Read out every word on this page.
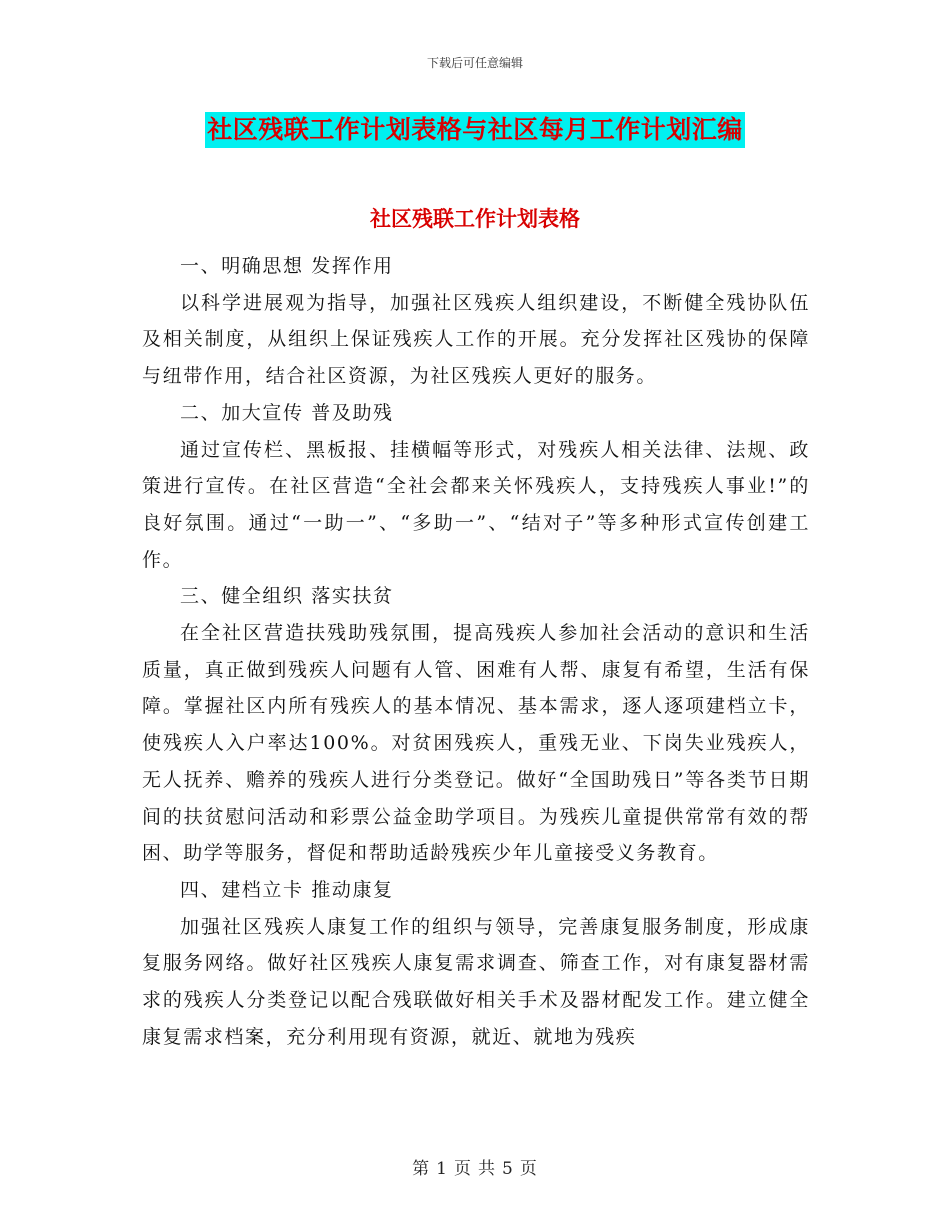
下载后可任意编辑
社区残联工作计划表格与社区每月工作计划汇编
社区残联工作计划表格

一、明确思想 发挥作用

以科学进展观为指导，加强社区残疾人组织建设，不断健全残协队伍及相关制度，从组织上保证残疾人工作的开展。充分发挥社区残协的保障与纽带作用，结合社区资源，为社区残疾人更好的服务。

二、加大宣传 普及助残

通过宣传栏、黑板报、挂横幅等形式，对残疾人相关法律、法规、政策进行宣传。在社区营造“全社会都来关怀残疾人，支持残疾人事业!”的良好氛围。通过“一助一”、“多助一”、“结对子”等多种形式宣传创建工作。

三、健全组织 落实扶贫

在全社区营造扶残助残氛围，提高残疾人参加社会活动的意识和生活质量，真正做到残疾人问题有人管、困难有人帮、康复有希望，生活有保障。掌握社区内所有残疾人的基本情况、基本需求，逐人逐项建档立卡，使残疾人入户率达100%。对贫困残疾人，重残无业、下岗失业残疾人，无人抚养、赡养的残疾人进行分类登记。做好“全国助残日”等各类节日期间的扶贫慰问活动和彩票公益金助学项目。为残疾儿童提供常常有效的帮困、助学等服务，督促和帮助适龄残疾少年儿童接受义务教育。

四、建档立卡 推动康复

加强社区残疾人康复工作的组织与领导，完善康复服务制度，形成康复服务网络。做好社区残疾人康复需求调查、筛查工作，对有康复器材需求的残疾人分类登记以配合残联做好相关手术及器材配发工作。建立健全康复需求档案，充分利用现有资源，就近、就地为残疾

第 1 页 共 5 页
